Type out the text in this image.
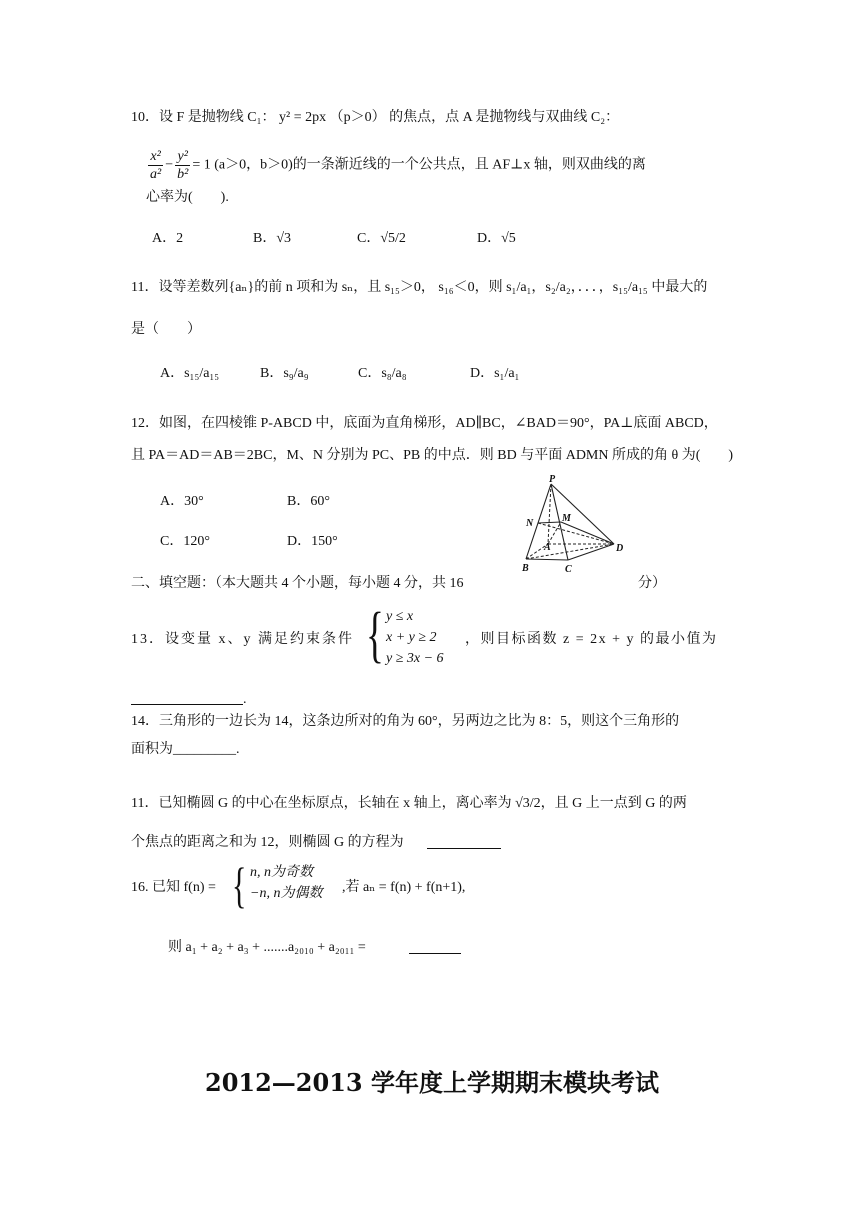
10．设 F 是抛物线 C₁： y² = 2px （p＞0） 的焦点，点 A 是抛物线与双曲线 C₂：
$\frac{\text{x²}}{\text{a²}} - \frac{\text{y²}}{\text{b²}} = 1$ (a＞0，b＞0)的一条渐近线的一个公共点，且 AF⊥x 轴，则双曲线的离
心率为(　　).
A．2	B．√3	C．√5/2	D．√5
11．设等差数列{aₙ}的前 n 项和为 sₙ，且 s₁₅＞0， s₁₆＜0，则 s₁/a₁，s₂/a₂，．．．，s₁₅/a₁₅ 中最大的
是（　　）
A．s₁₅/a₁₅	B．s₉/a₉	C．s₈/a₈	D．s₁/a₁
12．如图，在四棱锥 P-ABCD 中，底面为直角梯形，AD∥BC，∠BAD＝90°，PA⊥底面 ABCD，
且 PA＝AD＝AB＝2BC，M、N 分别为 PC、PB 的中点．则 BD 与平面 ADMN 所成的角 θ 为(　　)
A．30°	B．60°
C．120°	D．150°
P
N	M
A	D
B	C
二、填空题：（本大题共 4 个小题，每小题 4 分，共 16	分）
13．设变量 x、y 满足约束条件 { y ≤ x
x + y ≥ 2
y ≥ 3x − 6
，则目标函数 z = 2x + y 的最小值为
.
14．三角形的一边长为 14，这条边所对的角为 60°，另两边之比为 8：5，则这个三角形的
面积为_________.
11．已知椭圆 G 的中心在坐标原点，长轴在 x 轴上，离心率为 √3/2，且 G 上一点到 G 的两
个焦点的距离之和为 12，则椭圆 G 的方程为
16. 已知 f(n) = { n, n为奇数
−n, n为偶数 ,若 aₙ = f(n) + f(n+1),
则 a₁ + a₂ + a₃ + .......a₂₀₁₀ + a₂₀₁₁ =
2012—2013 学年度上学期期末模块考试
